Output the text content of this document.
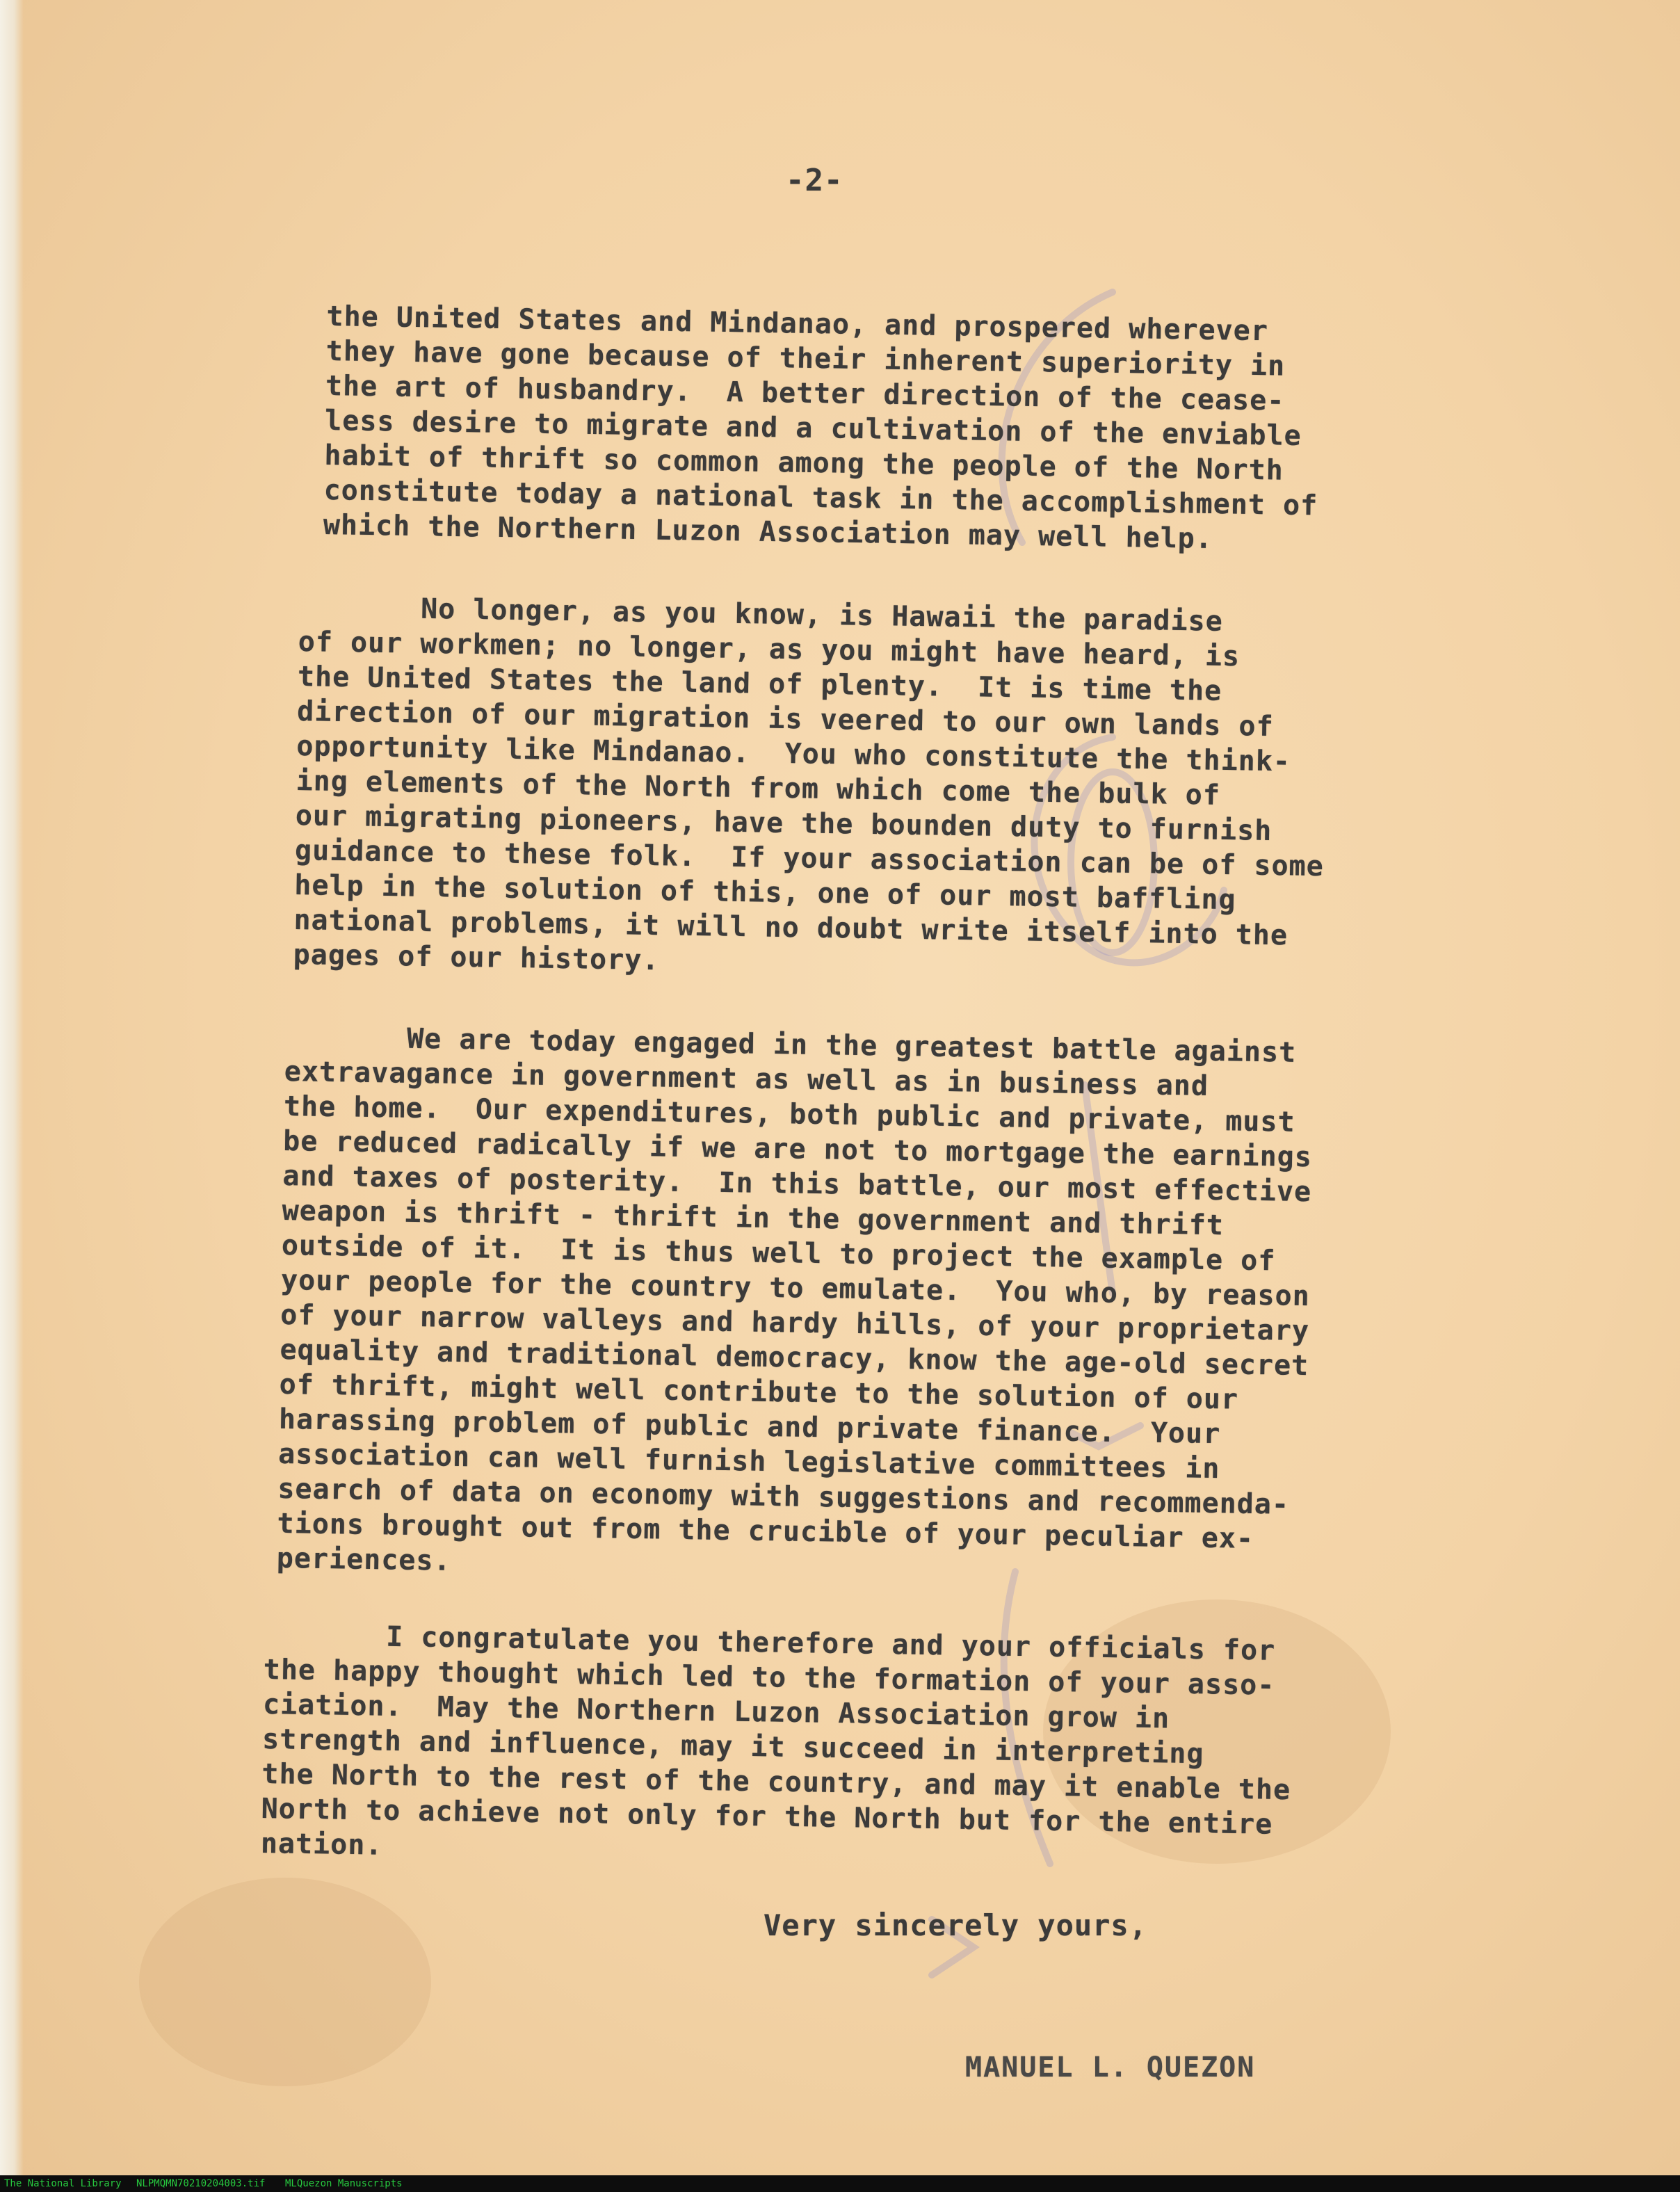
-2-
the United States and Mindanao, and prospered wherever
they have gone because of their inherent superiority in
the art of husbandry.  A better direction of the cease-
less desire to migrate and a cultivation of the enviable
habit of thrift so common among the people of the North
constitute today a national task in the accomplishment of
which the Northern Luzon Association may well help.
No longer, as you know, is Hawaii the paradise
of our workmen; no longer, as you might have heard, is
the United States the land of plenty.  It is time the
direction of our migration is veered to our own lands of
opportunity like Mindanao.  You who constitute the think-
ing elements of the North from which come the bulk of
our migrating pioneers, have the bounden duty to furnish
guidance to these folk.  If your association can be of some
help in the solution of this, one of our most baffling
national problems, it will no doubt write itself into the
pages of our history.
We are today engaged in the greatest battle against
extravagance in government as well as in business and
the home.  Our expenditures, both public and private, must
be reduced radically if we are not to mortgage the earnings
and taxes of posterity.  In this battle, our most effective
weapon is thrift - thrift in the government and thrift
outside of it.  It is thus well to project the example of
your people for the country to emulate.  You who, by reason
of your narrow valleys and hardy hills, of your proprietary
equality and traditional democracy, know the age-old secret
of thrift, might well contribute to the solution of our
harassing problem of public and private finance.  Your
association can well furnish legislative committees in
search of data on economy with suggestions and recommenda-
tions brought out from the crucible of your peculiar ex-
periences.
I congratulate you therefore and your officials for
the happy thought which led to the formation of your asso-
ciation.  May the Northern Luzon Association grow in
strength and influence, may it succeed in interpreting
the North to the rest of the country, and may it enable the
North to achieve not only for the North but for the entire
nation.
Very sincerely yours,
MANUEL L. QUEZON
The National Library NLPMQMN70210204003.tif MLQuezon Manuscripts
